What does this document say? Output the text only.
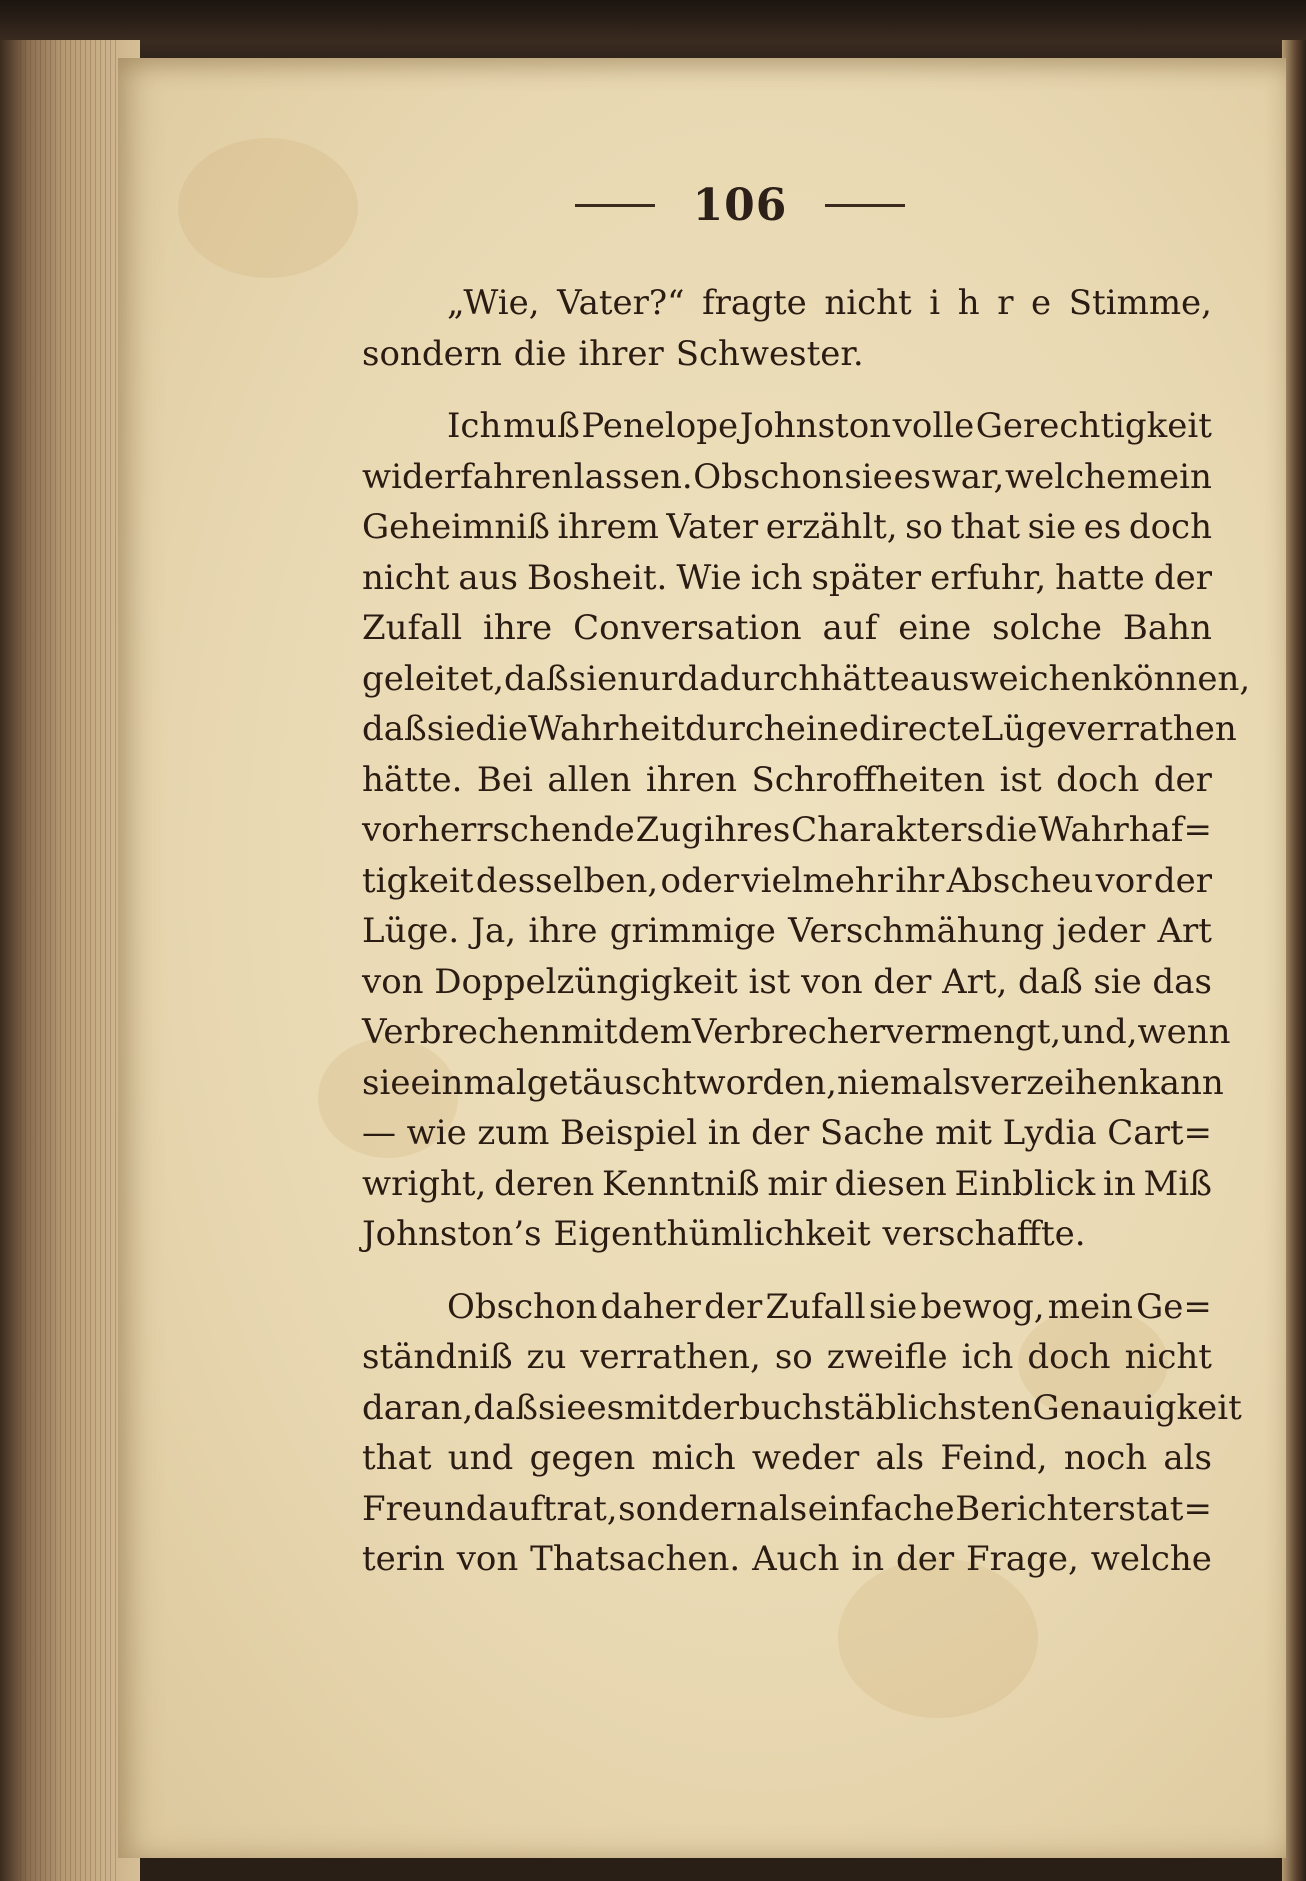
106
„Wie, Vater?“ fragte nicht i h r e Stimme,
sondern die ihrer Schwester.
Ich muß Penelope Johnston volle Gerechtigkeit
widerfahren lassen. Obschon sie es war, welche mein
Geheimniß ihrem Vater erzählt, so that sie es doch
nicht aus Bosheit. Wie ich später erfuhr, hatte der
Zufall ihre Conversation auf eine solche Bahn
geleitet, daß sie nur dadurch hätte ausweichen können,
daß sie die Wahrheit durch eine directe Lüge verrathen
hätte. Bei allen ihren Schroffheiten ist doch der
vorherrschende Zug ihres Charakters die Wahrhaf=
tigkeit desselben, oder vielmehr ihr Abscheu vor der
Lüge. Ja, ihre grimmige Verschmähung jeder Art
von Doppelzüngigkeit ist von der Art, daß sie das
Verbrechen mit dem Verbrecher vermengt, und, wenn
sie einmal getäuscht worden, niemals verzeihen kann
— wie zum Beispiel in der Sache mit Lydia Cart=
wright, deren Kenntniß mir diesen Einblick in Miß
Johnston’s Eigenthümlichkeit verschaffte.
Obschon daher der Zufall sie bewog, mein Ge=
ständniß zu verrathen, so zweifle ich doch nicht
daran, daß sie es mit der buchstäblichsten Genauigkeit
that und gegen mich weder als Feind, noch als
Freund auftrat, sondern als einfache Berichterstat=
terin von Thatsachen. Auch in der Frage, welche
